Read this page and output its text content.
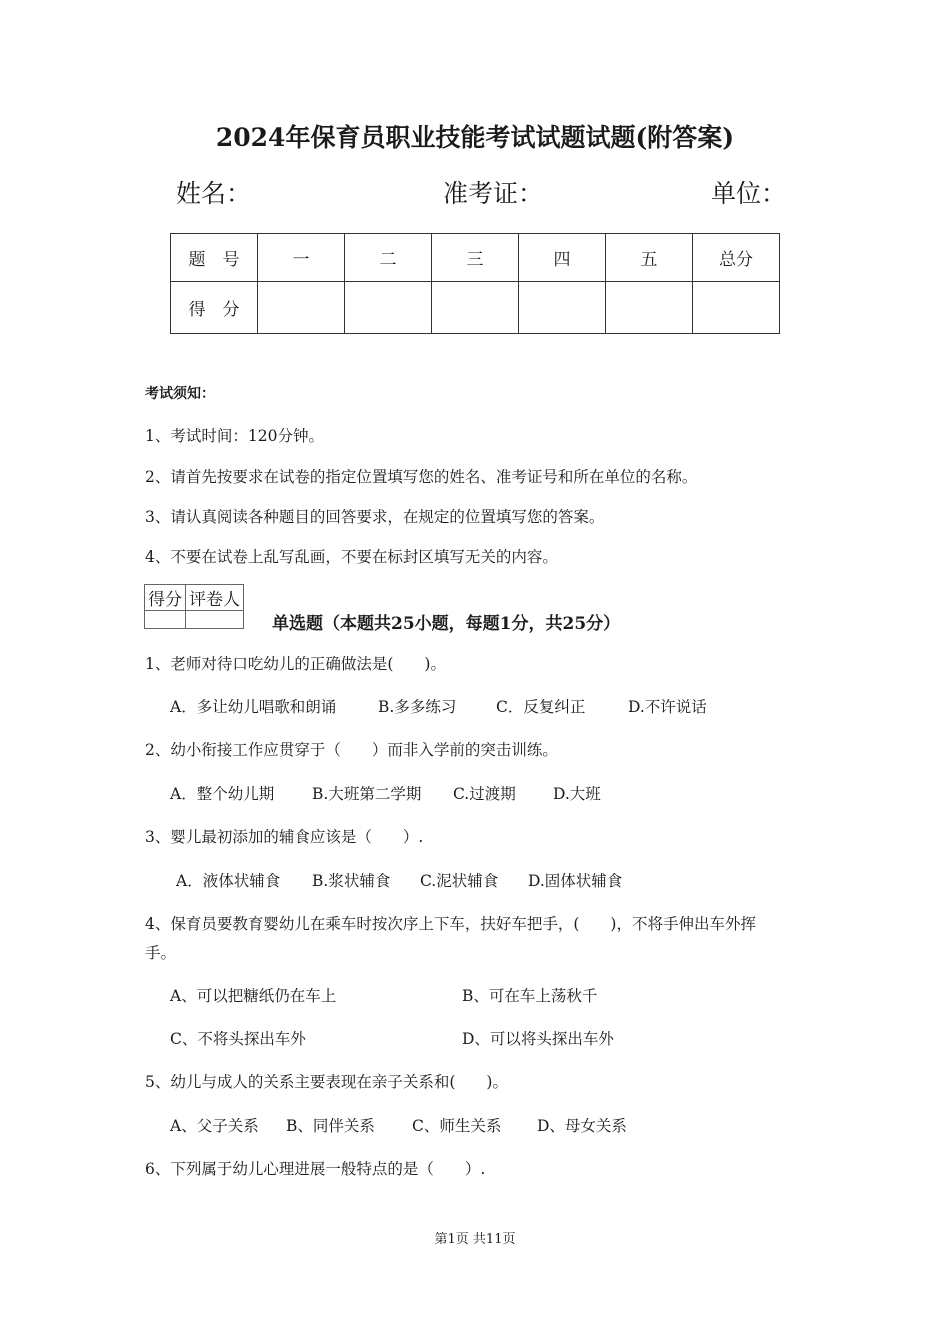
2024年保育员职业技能考试试题试题(附答案)
姓名：	准考证：	单位：
题　号	一	二	三	四	五	总分
得　分						
考试须知：
1、考试时间：120分钟。
2、请首先按要求在试卷的指定位置填写您的姓名、准考证号和所在单位的名称。
3、请认真阅读各种题目的回答要求，在规定的位置填写您的答案。
4、不要在试卷上乱写乱画，不要在标封区填写无关的内容。
得分	评卷人

单选题（本题共25小题，每题1分，共25分）
1、老师对待口吃幼儿的正确做法是(　　)。
A．多让幼儿唱歌和朗诵	B.多多练习	C．反复纠正	D.不许说话
2、幼小衔接工作应贯穿于（　　）而非入学前的突击训练。
A．整个幼儿期 B.大班第二学期 C.过渡期 D.大班
3、婴儿最初添加的辅食应该是（　　）.
A．液体状辅食 B.浆状辅食 C.泥状辅食 D.固体状辅食
4、保育员要教育婴幼儿在乘车时按次序上下车，扶好车把手，(　　)，不将手伸出车外挥
手。
A、可以把糖纸仍在车上	B、可在车上荡秋千
C、不将头探出车外	D、可以将头探出车外
5、幼儿与成人的关系主要表现在亲子关系和(　　)。
A、父子关系 B、同伴关系 C、师生关系 D、母女关系
6、下列属于幼儿心理进展一般特点的是（　　）.
第1页 共11页
